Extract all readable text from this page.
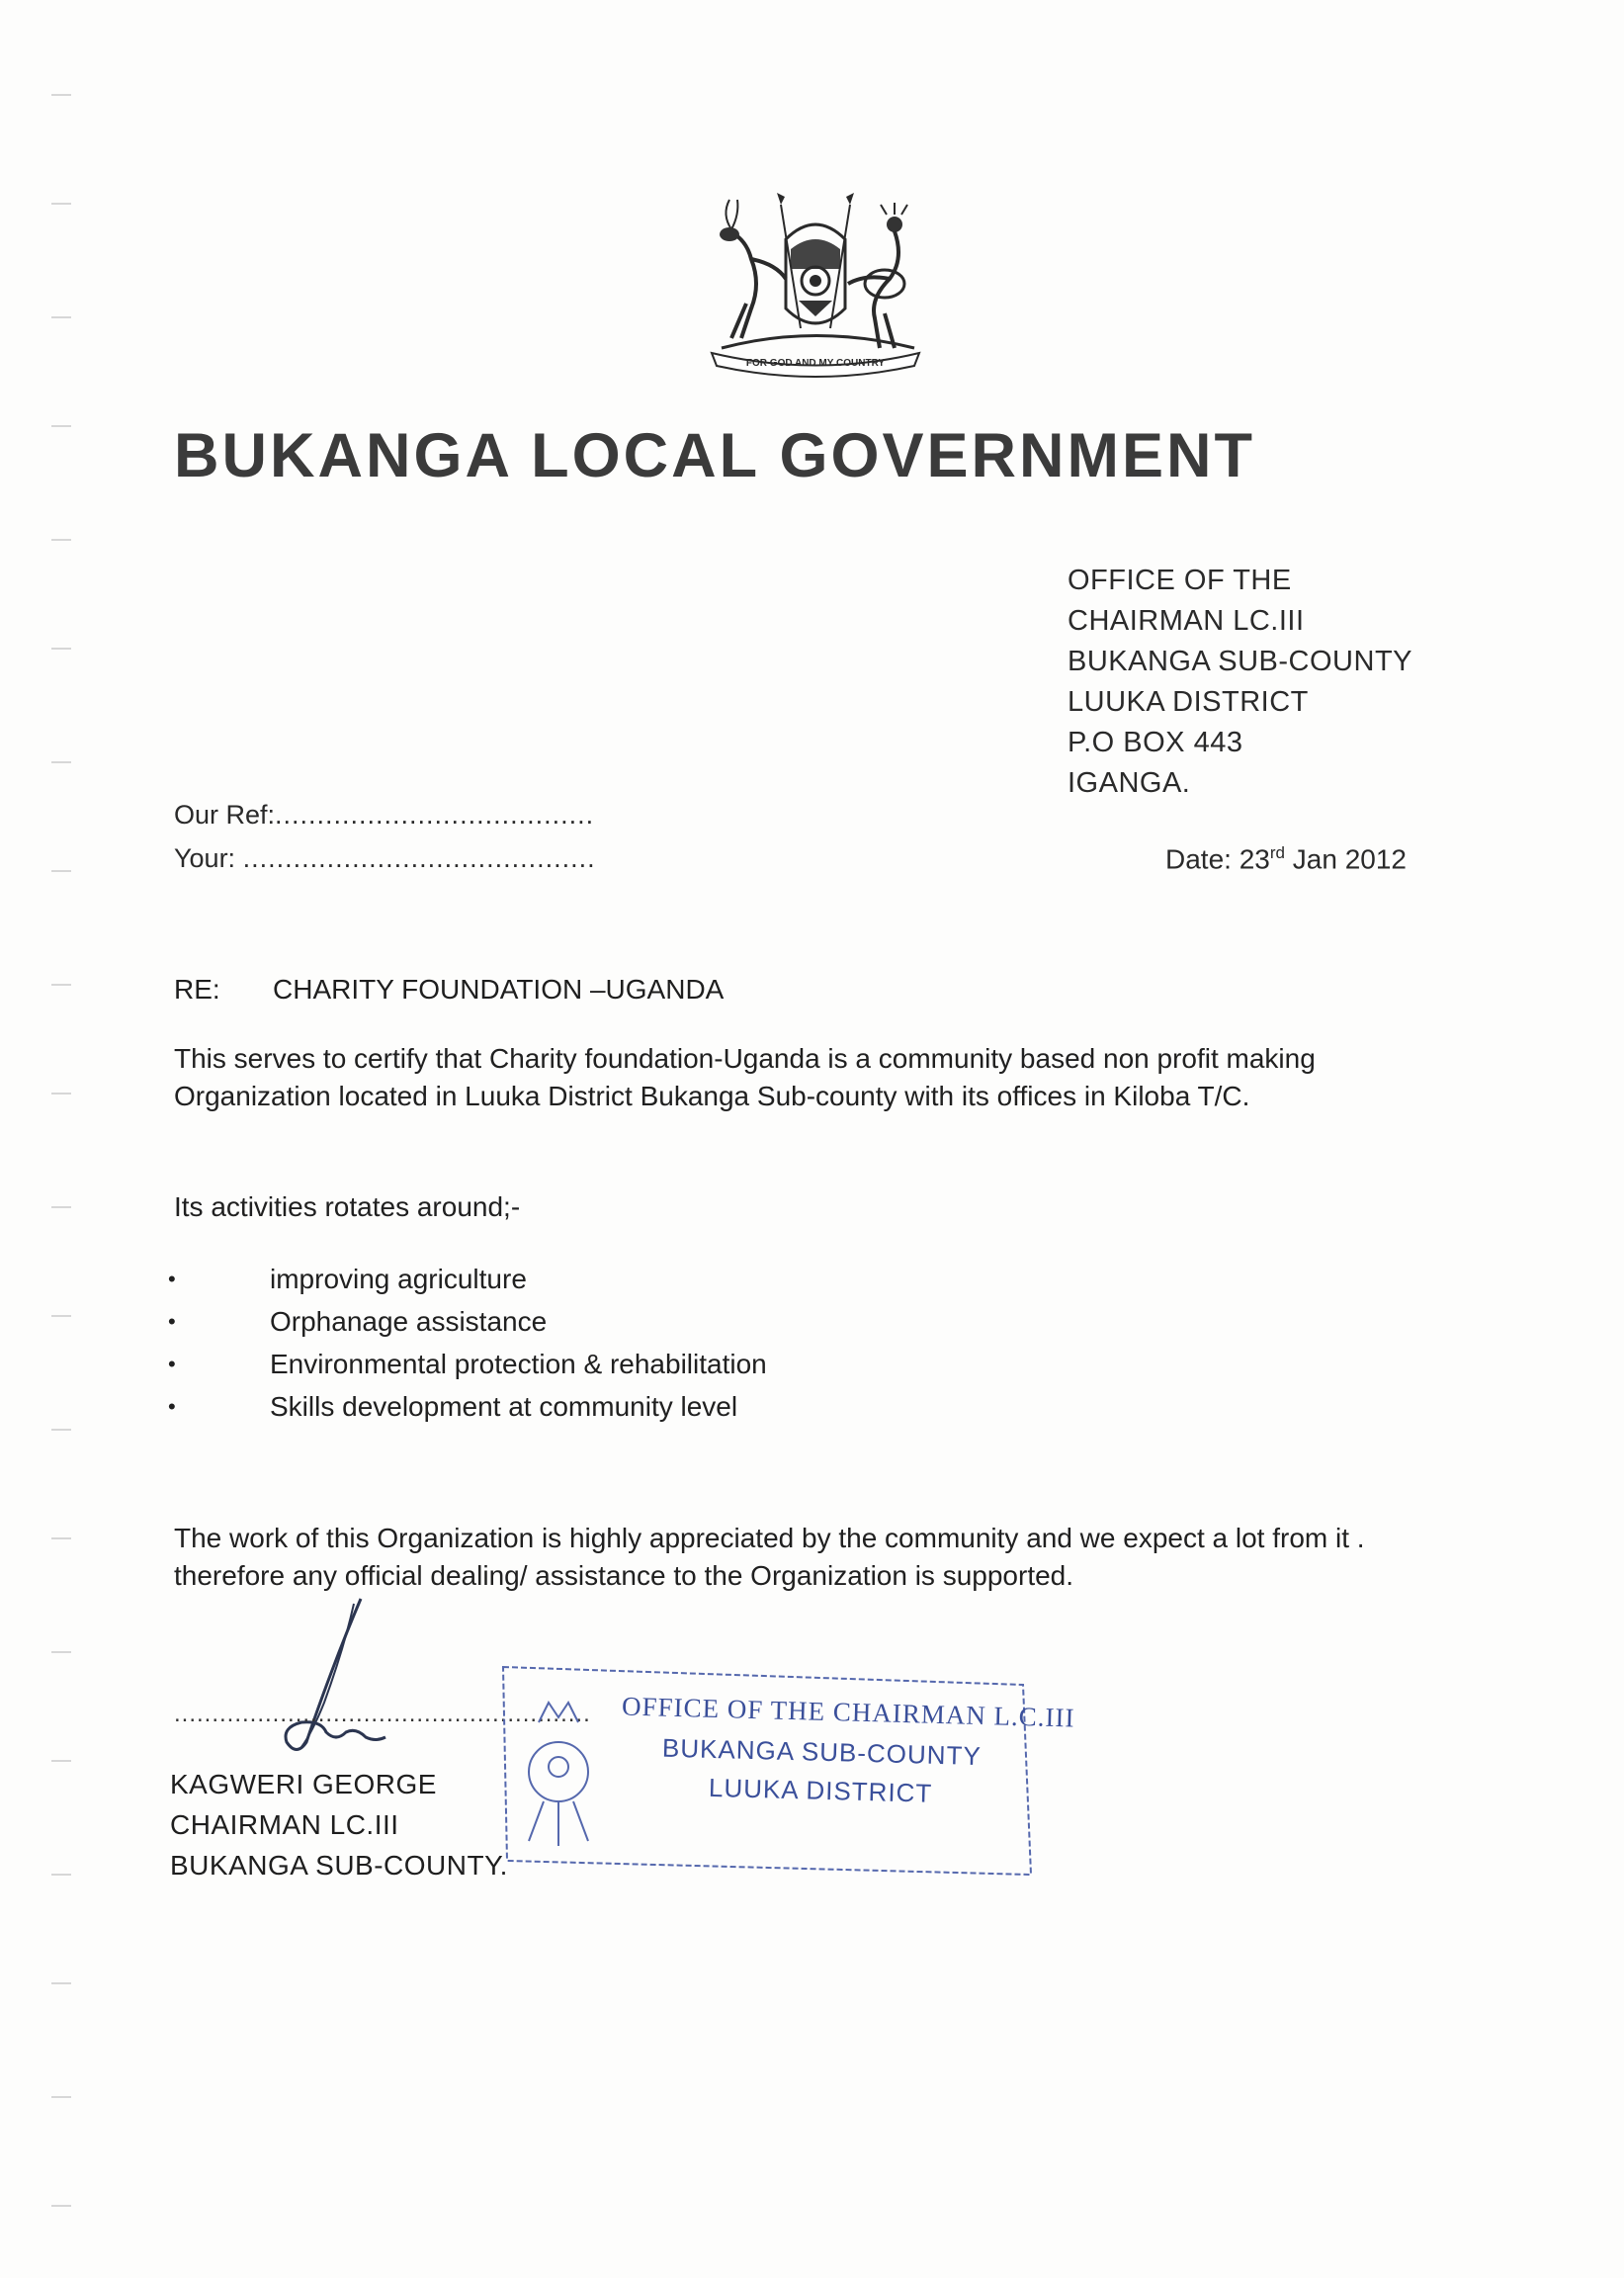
FOR GOD AND MY COUNTRY
BUKANGA LOCAL GOVERNMENT
OFFICE OF THE
CHAIRMAN LC.III
BUKANGA SUB-COUNTY
LUUKA DISTRICT
P.O BOX 443
IGANGA.
Our Ref:......................................
Your: ..........................................	Date: 23rd Jan 2012
RE: CHARITY FOUNDATION –UGANDA
This serves to certify that Charity foundation-Uganda is a community based non profit making Organization located in Luuka District Bukanga Sub-county with its offices in Kiloba T/C.
Its activities rotates around;-
•	improving agriculture
•	Orphanage assistance
•	Environmental protection & rehabilitation
•	Skills development at community level
The work of this Organization is highly appreciated by the community and we expect a lot from it . therefore any official dealing/ assistance to the Organization is supported.
.......................................................
KAGWERI GEORGE
CHAIRMAN LC.III
BUKANGA SUB-COUNTY.
OFFICE OF THE CHAIRMAN L.C.III
BUKANGA SUB-COUNTY
LUUKA DISTRICT
